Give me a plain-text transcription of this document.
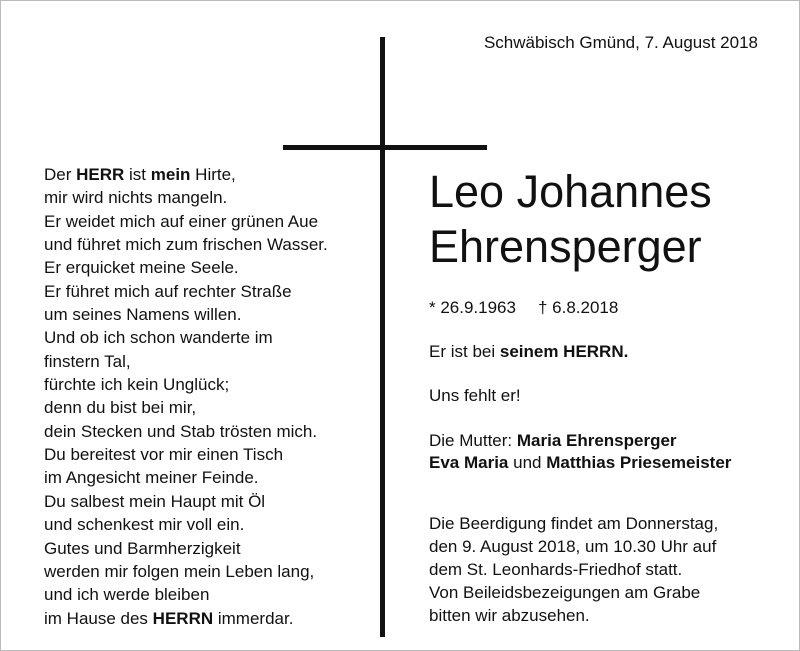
Schwäbisch Gmünd, 7. August 2018
Der HERR ist mein Hirte,
mir wird nichts mangeln.
Er weidet mich auf einer grünen Aue
und führet mich zum frischen Wasser.
Er erquicket meine Seele.
Er führet mich auf rechter Straße
um seines Namens willen.
Und ob ich schon wanderte im
finstern Tal,
fürchte ich kein Unglück;
denn du bist bei mir,
dein Stecken und Stab trösten mich.
Du bereitest vor mir einen Tisch
im Angesicht meiner Feinde.
Du salbest mein Haupt mit Öl
und schenkest mir voll ein.
Gutes und Barmherzigkeit
werden mir folgen mein Leben lang,
und ich werde bleiben
im Hause des HERRN immerdar.
Leo Johannes
Ehrensperger
* 26.9.1963 † 6.8.2018
Er ist bei seinem HERRN.
Uns fehlt er!
Die Mutter: Maria Ehrensperger
Eva Maria und Matthias Priesemeister
Die Beerdigung findet am Donnerstag,
den 9. August 2018, um 10.30 Uhr auf
dem St. Leonhards-Friedhof statt.
Von Beileidsbezeigungen am Grabe
bitten wir abzusehen.
